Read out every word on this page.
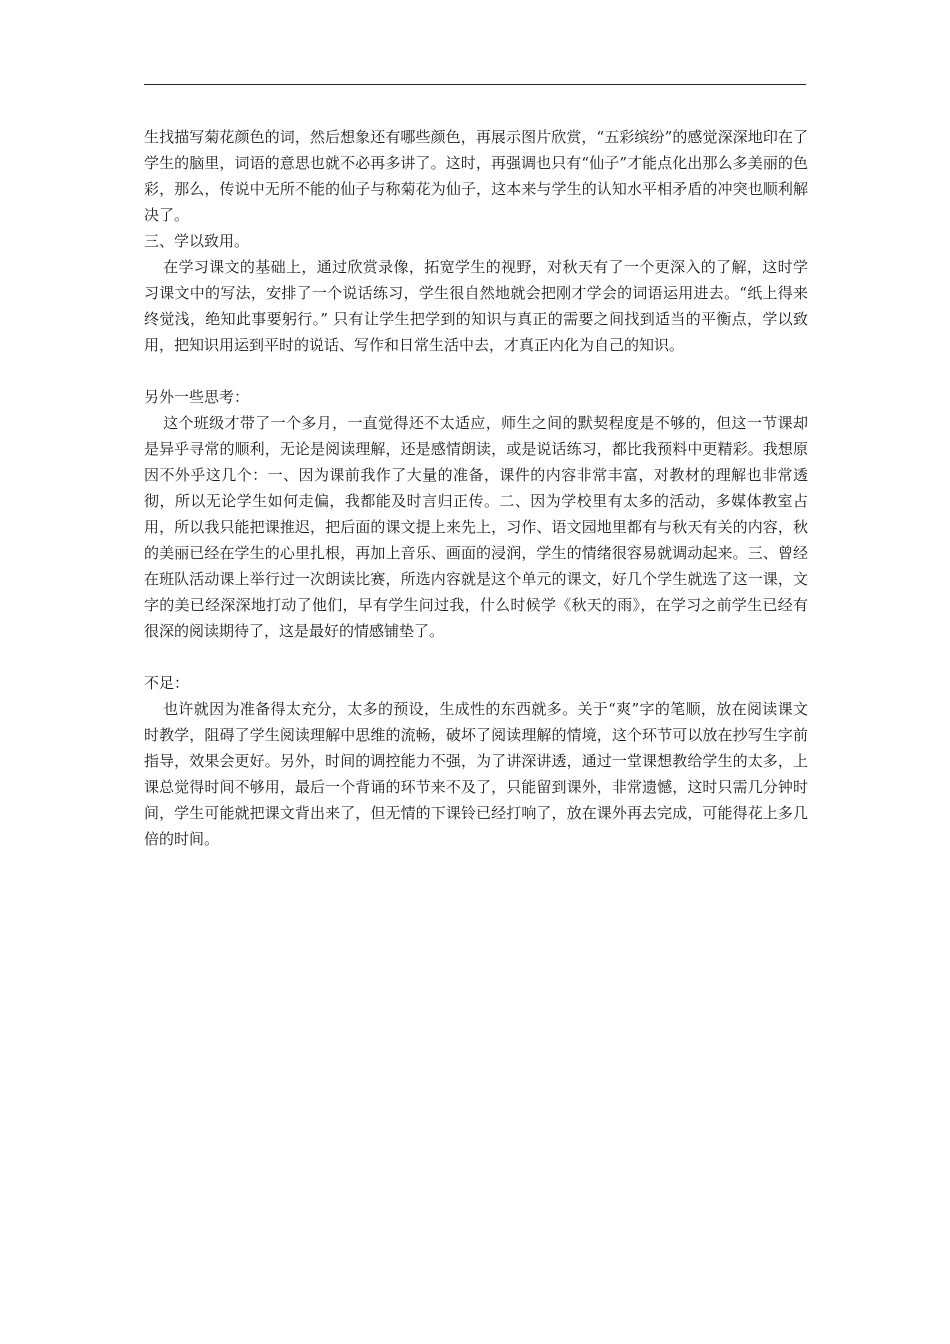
生找描写菊花颜色的词，然后想象还有哪些颜色，再展示图片欣赏，“五彩缤纷”的感觉深深地印在了学生的脑里，词语的意思也就不必再多讲了。这时，再强调也只有“仙子”才能点化出那么多美丽的色彩，那么，传说中无所不能的仙子与称菊花为仙子，这本来与学生的认知水平相矛盾的冲突也顺利解决了。

三、学以致用。

在学习课文的基础上，通过欣赏录像，拓宽学生的视野，对秋天有了一个更深入的了解，这时学习课文中的写法，安排了一个说话练习，学生很自然地就会把刚才学会的词语运用进去。“纸上得来终觉浅，绝知此事要躬行。” 只有让学生把学到的知识与真正的需要之间找到适当的平衡点，学以致用，把知识用运到平时的说话、写作和日常生活中去，才真正内化为自己的知识。

另外一些思考：

这个班级才带了一个多月，一直觉得还不太适应，师生之间的默契程度是不够的，但这一节课却是异乎寻常的顺利，无论是阅读理解，还是感情朗读，或是说话练习，都比我预料中更精彩。我想原因不外乎这几个：一、因为课前我作了大量的准备，课件的内容非常丰富，对教材的理解也非常透彻，所以无论学生如何走偏，我都能及时言归正传。二、因为学校里有太多的活动，多媒体教室占用，所以我只能把课推迟，把后面的课文提上来先上，习作、语文园地里都有与秋天有关的内容，秋的美丽已经在学生的心里扎根，再加上音乐、画面的浸润，学生的情绪很容易就调动起来。三、曾经在班队活动课上举行过一次朗读比赛，所选内容就是这个单元的课文，好几个学生就选了这一课，文字的美已经深深地打动了他们，早有学生问过我，什么时候学《秋天的雨》，在学习之前学生已经有很深的阅读期待了，这是最好的情感铺垫了。

不足：

也许就因为准备得太充分，太多的预设，生成性的东西就多。关于“爽”字的笔顺，放在阅读课文时教学，阻碍了学生阅读理解中思维的流畅，破坏了阅读理解的情境，这个环节可以放在抄写生字前指导，效果会更好。另外，时间的调控能力不强，为了讲深讲透，通过一堂课想教给学生的太多，上课总觉得时间不够用，最后一个背诵的环节来不及了，只能留到课外，非常遗憾，这时只需几分钟时间，学生可能就把课文背出来了，但无情的下课铃已经打响了，放在课外再去完成，可能得花上多几倍的时间。
